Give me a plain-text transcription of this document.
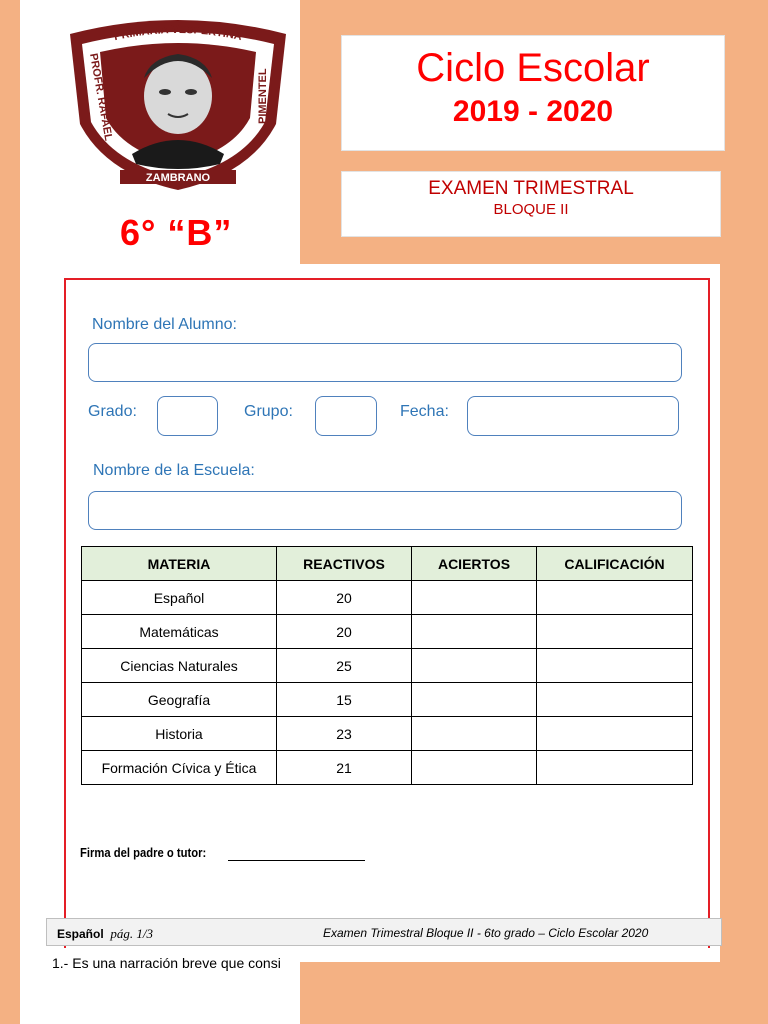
PRIMARIA VESPERTINA
PROFR. RAFAEL	PIMENTEL
ZAMBRANO
6° “B”
Ciclo Escolar
2019 - 2020
EXAMEN TRIMESTRAL
BLOQUE II
Nombre del Alumno:
Grado:	Grupo:	Fecha:
Nombre de la Escuela:
MATERIA	REACTIVOS	ACIERTOS	CALIFICACIÓN
Español	20		
Matemáticas	20		
Ciencias Naturales	25		
Geografía	15		
Historia	23		
Formación Cívica y Ética	21		
Firma del padre o tutor:
Español pág. 1/3	Examen Trimestral Bloque II - 6to grado – Ciclo Escolar 2020
